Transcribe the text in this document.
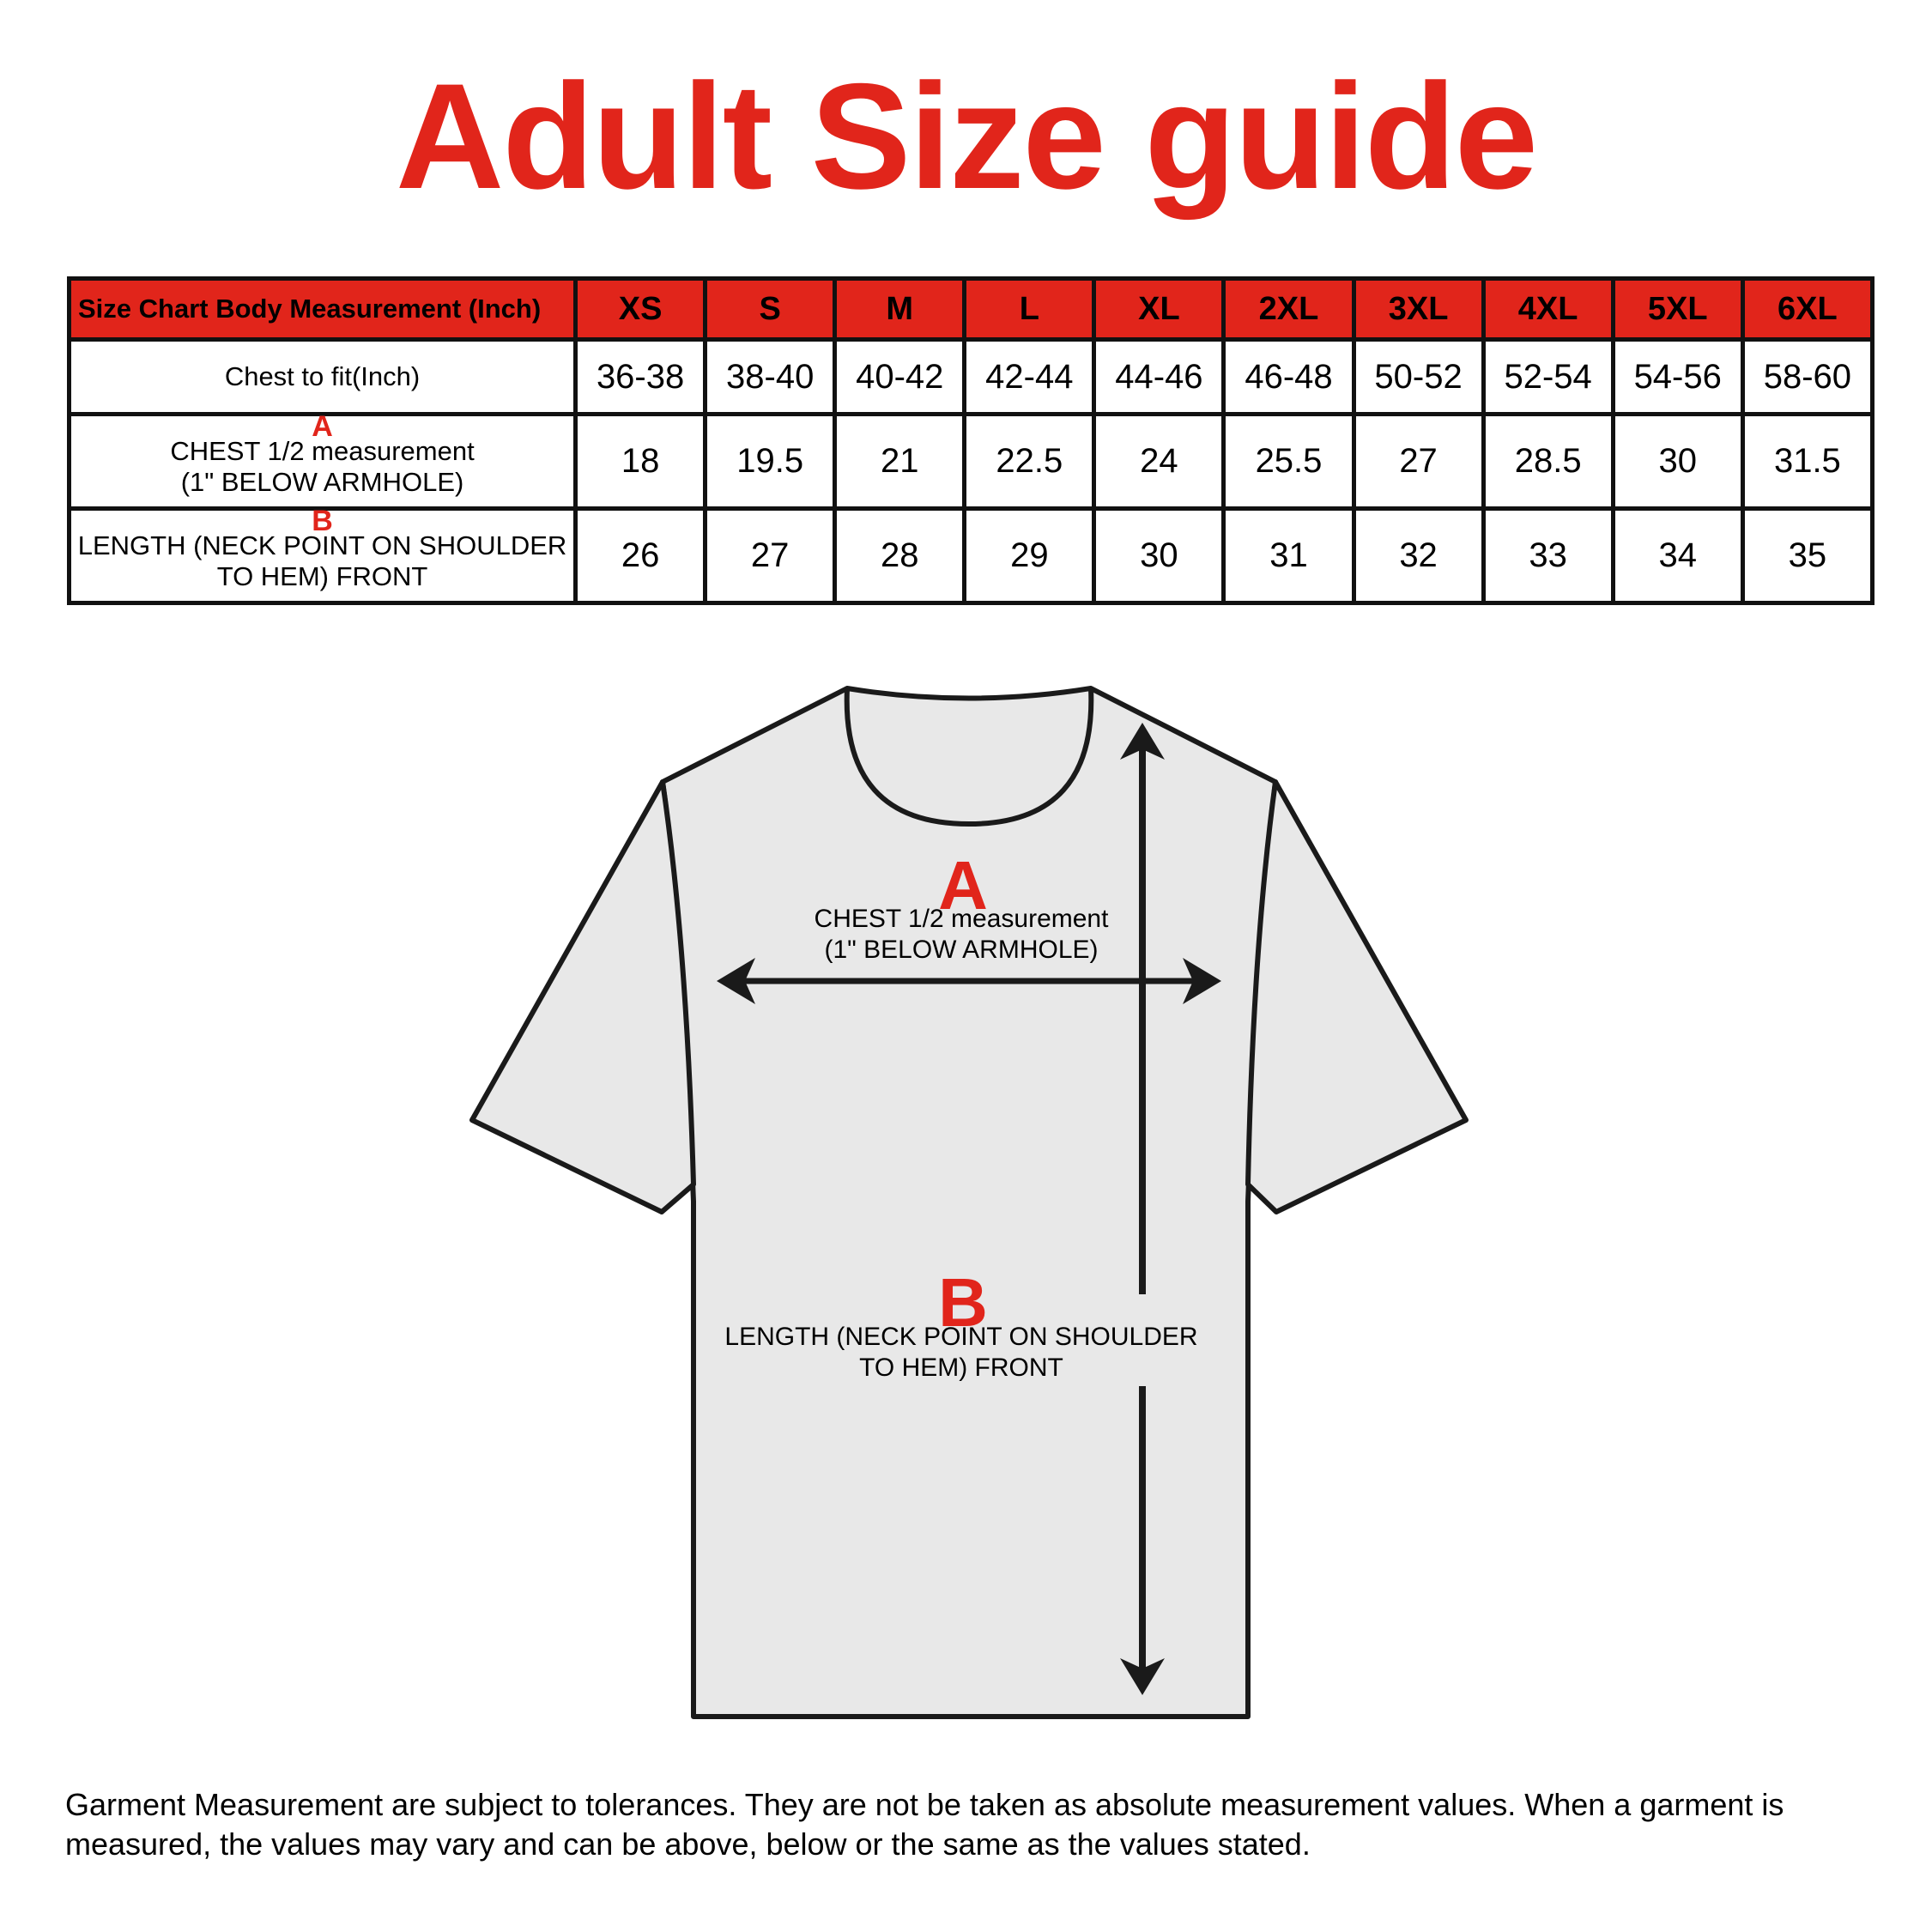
Adult Size guide
Size Chart Body Measurement (Inch)	XS	S	M	L	XL	2XL	3XL	4XL	5XL	6XL
Chest to fit(Inch)	36-38	38-40	40-42	42-44	44-46	46-48	50-52	52-54	54-56	58-60

A
CHEST 1/2 measurement
(1" BELOW ARMHOLE)	18	19.5	21	22.5	24	25.5	27	28.5	30	31.5

B
LENGTH (NECK POINT ON SHOULDER
TO HEM) FRONT	26	27	28	29	30	31	32	33	34	35
A
CHEST 1/2 measurement
(1" BELOW ARMHOLE)
B
LENGTH (NECK POINT ON SHOULDER
TO HEM) FRONT
Garment Measurement are subject to tolerances. They are not be taken as absolute measurement values. When a garment is
measured, the values may vary and can be above, below or the same as the values stated.
